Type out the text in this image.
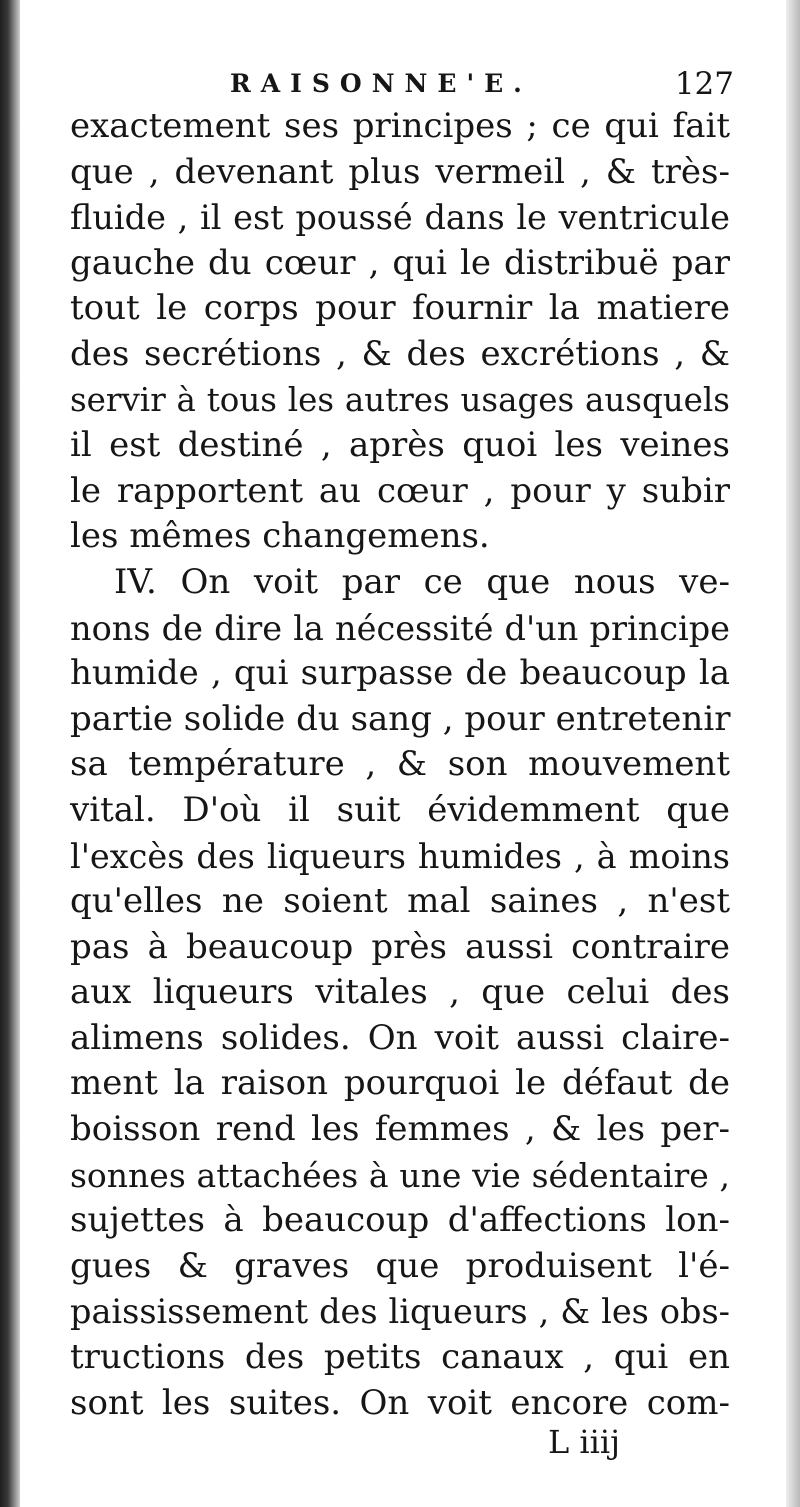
RAISONNE'E.	127
exactement ses principes ; ce qui fait
que , devenant plus vermeil , & très-
fluide , il est poussé dans le ventricule
gauche du cœur , qui le distribuë par
tout le corps pour fournir la matiere
des secrétions , & des excrétions , &
servir à tous les autres usages ausquels
il est destiné , après quoi les veines
le rapportent au cœur , pour y subir
les mêmes changemens.
IV. On voit par ce que nous ve-
nons de dire la nécessité d'un principe
humide , qui surpasse de beaucoup la
partie solide du sang , pour entretenir
sa température , & son mouvement
vital. D'où il suit évidemment que
l'excès des liqueurs humides , à moins
qu'elles ne soient mal saines , n'est
pas à beaucoup près aussi contraire
aux liqueurs vitales , que celui des
alimens solides. On voit aussi claire-
ment la raison pourquoi le défaut de
boisson rend les femmes , & les per-
sonnes attachées à une vie sédentaire ,
sujettes à beaucoup d'affections lon-
gues & graves que produisent l'é-
paississement des liqueurs , & les obs-
tructions des petits canaux , qui en
sont les suites. On voit encore com-
L iiij
